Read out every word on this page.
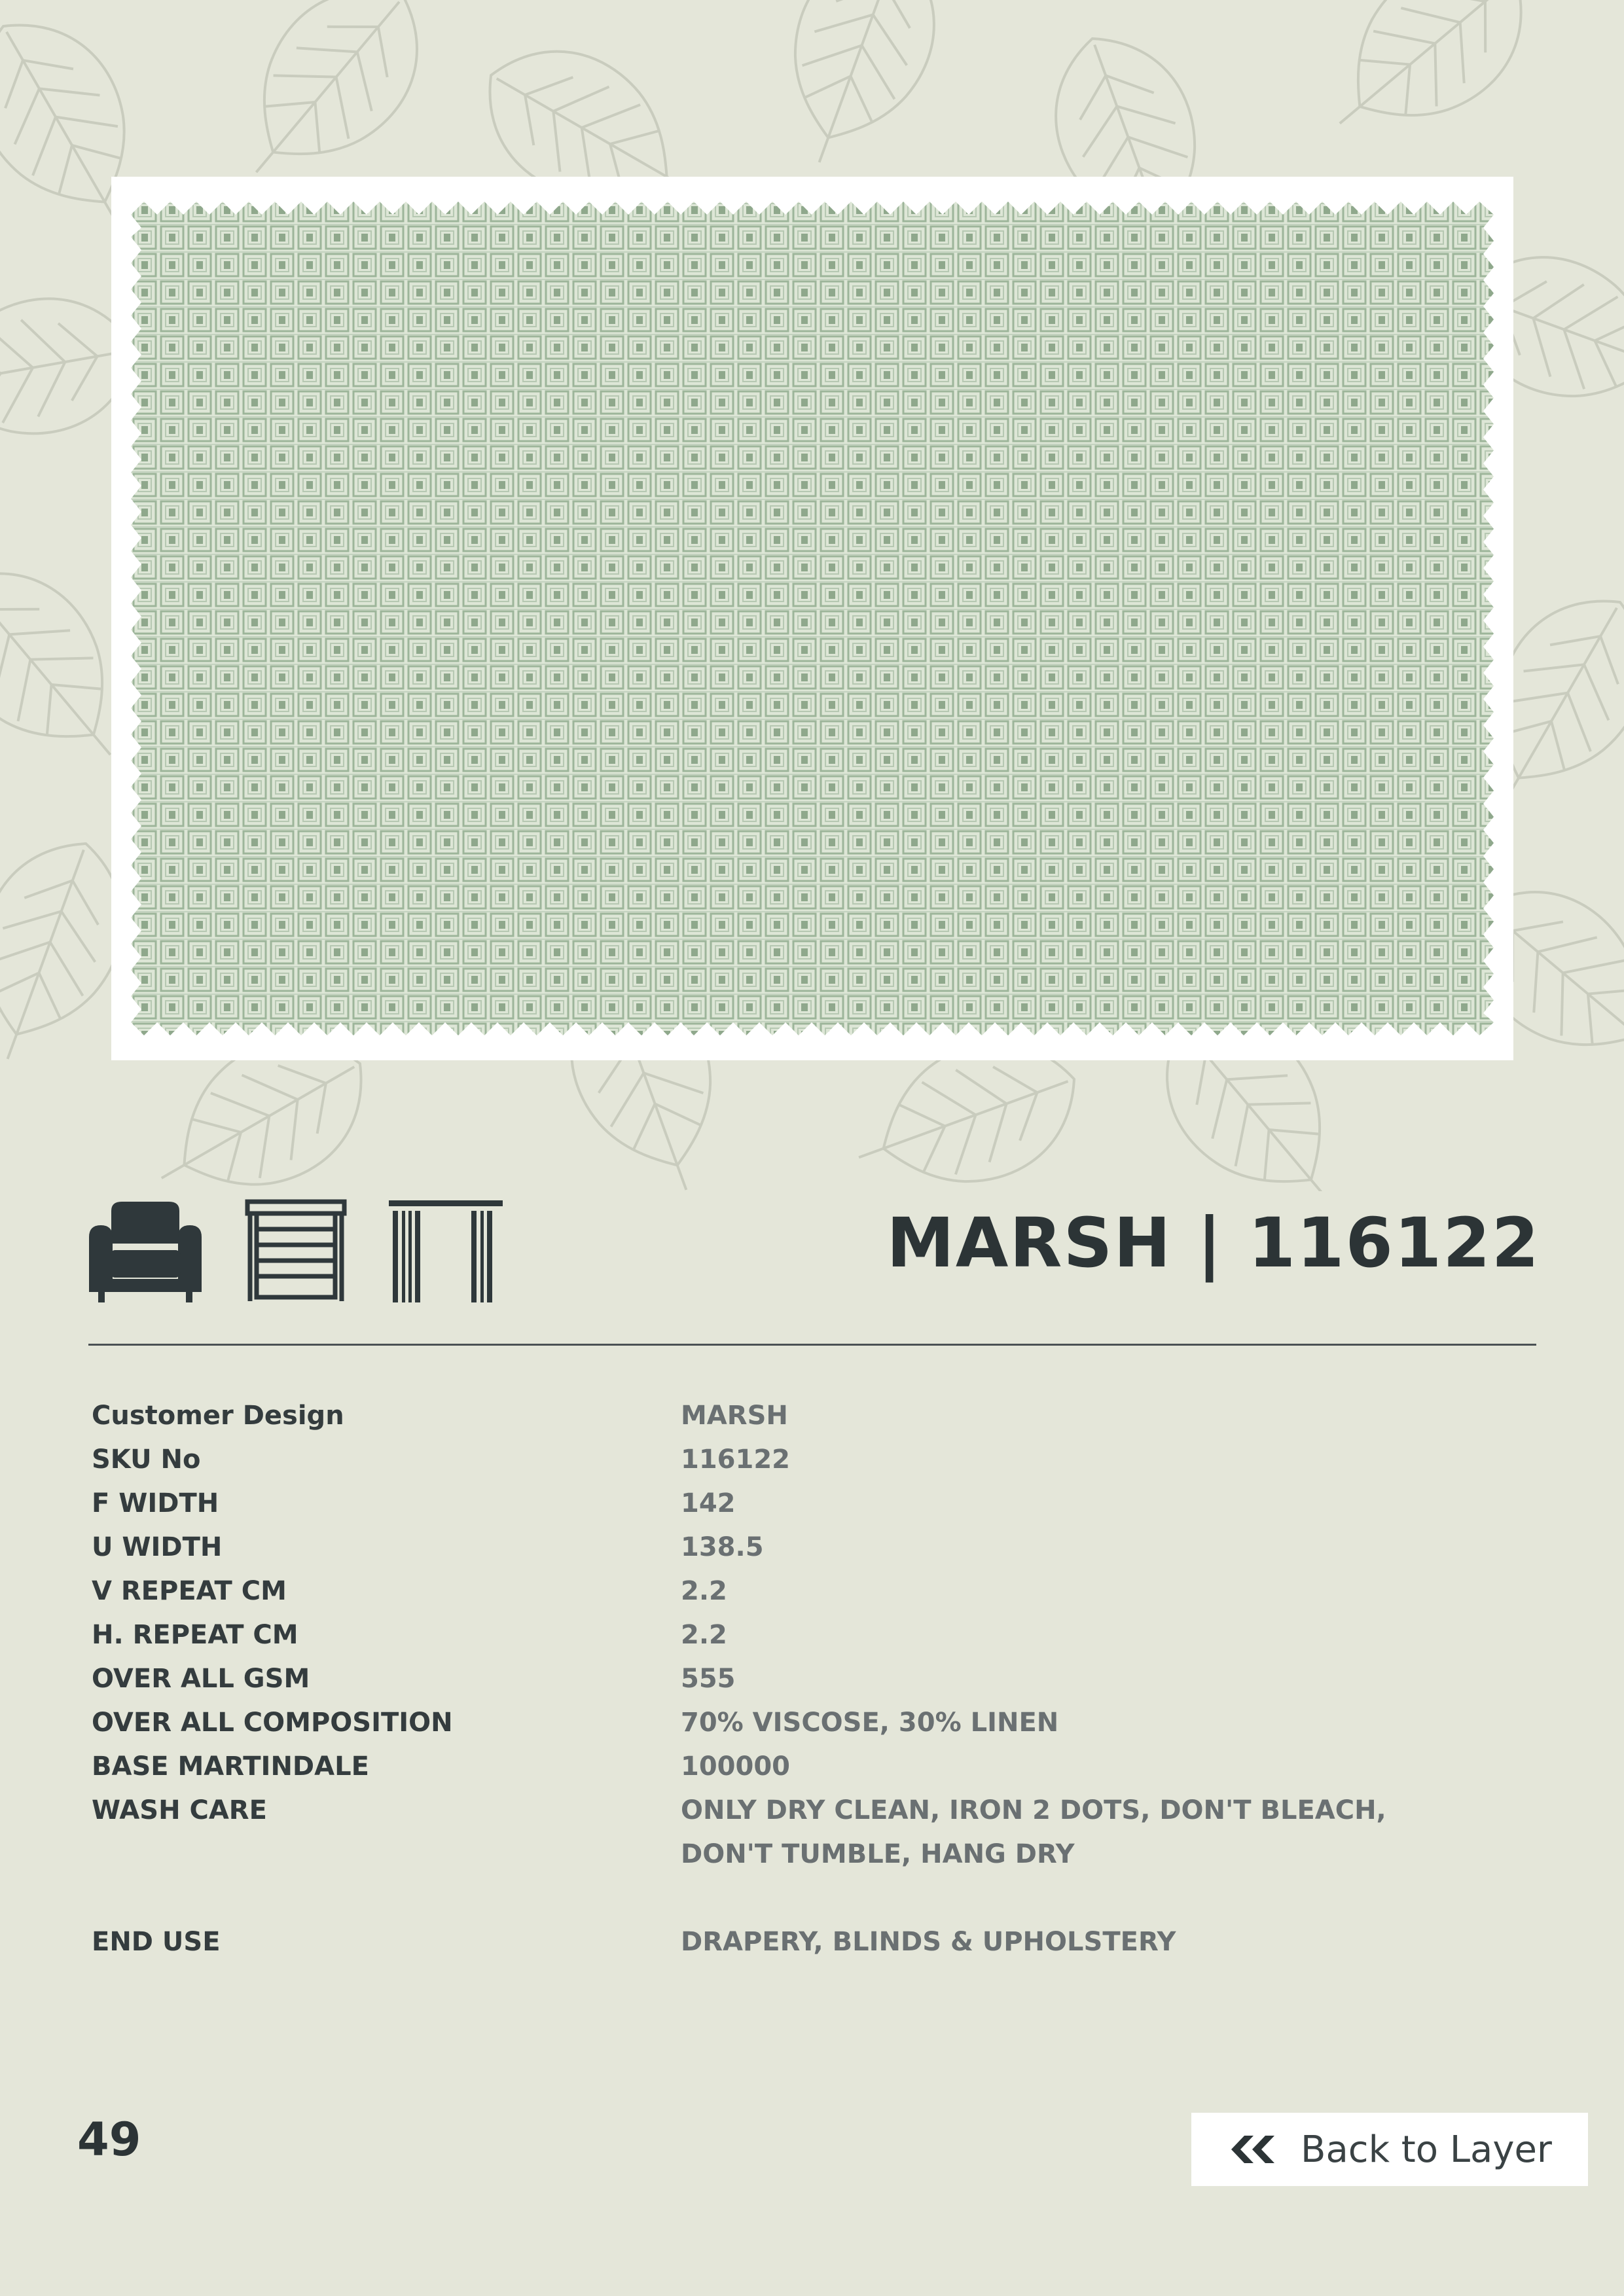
MARSH | 116122
Customer Design	MARSH
SKU No	116122
F WIDTH	142
U WIDTH	138.5
V REPEAT CM	2.2
H. REPEAT CM	2.2
OVER ALL GSM	555
OVER ALL COMPOSITION	70% VISCOSE, 30% LINEN
BASE MARTINDALE	100000
WASH CARE	ONLY DRY CLEAN, IRON 2 DOTS, DON'T BLEACH,
DON'T TUMBLE, HANG DRY
END USE	DRAPERY, BLINDS & UPHOLSTERY
49	Back to Layer
